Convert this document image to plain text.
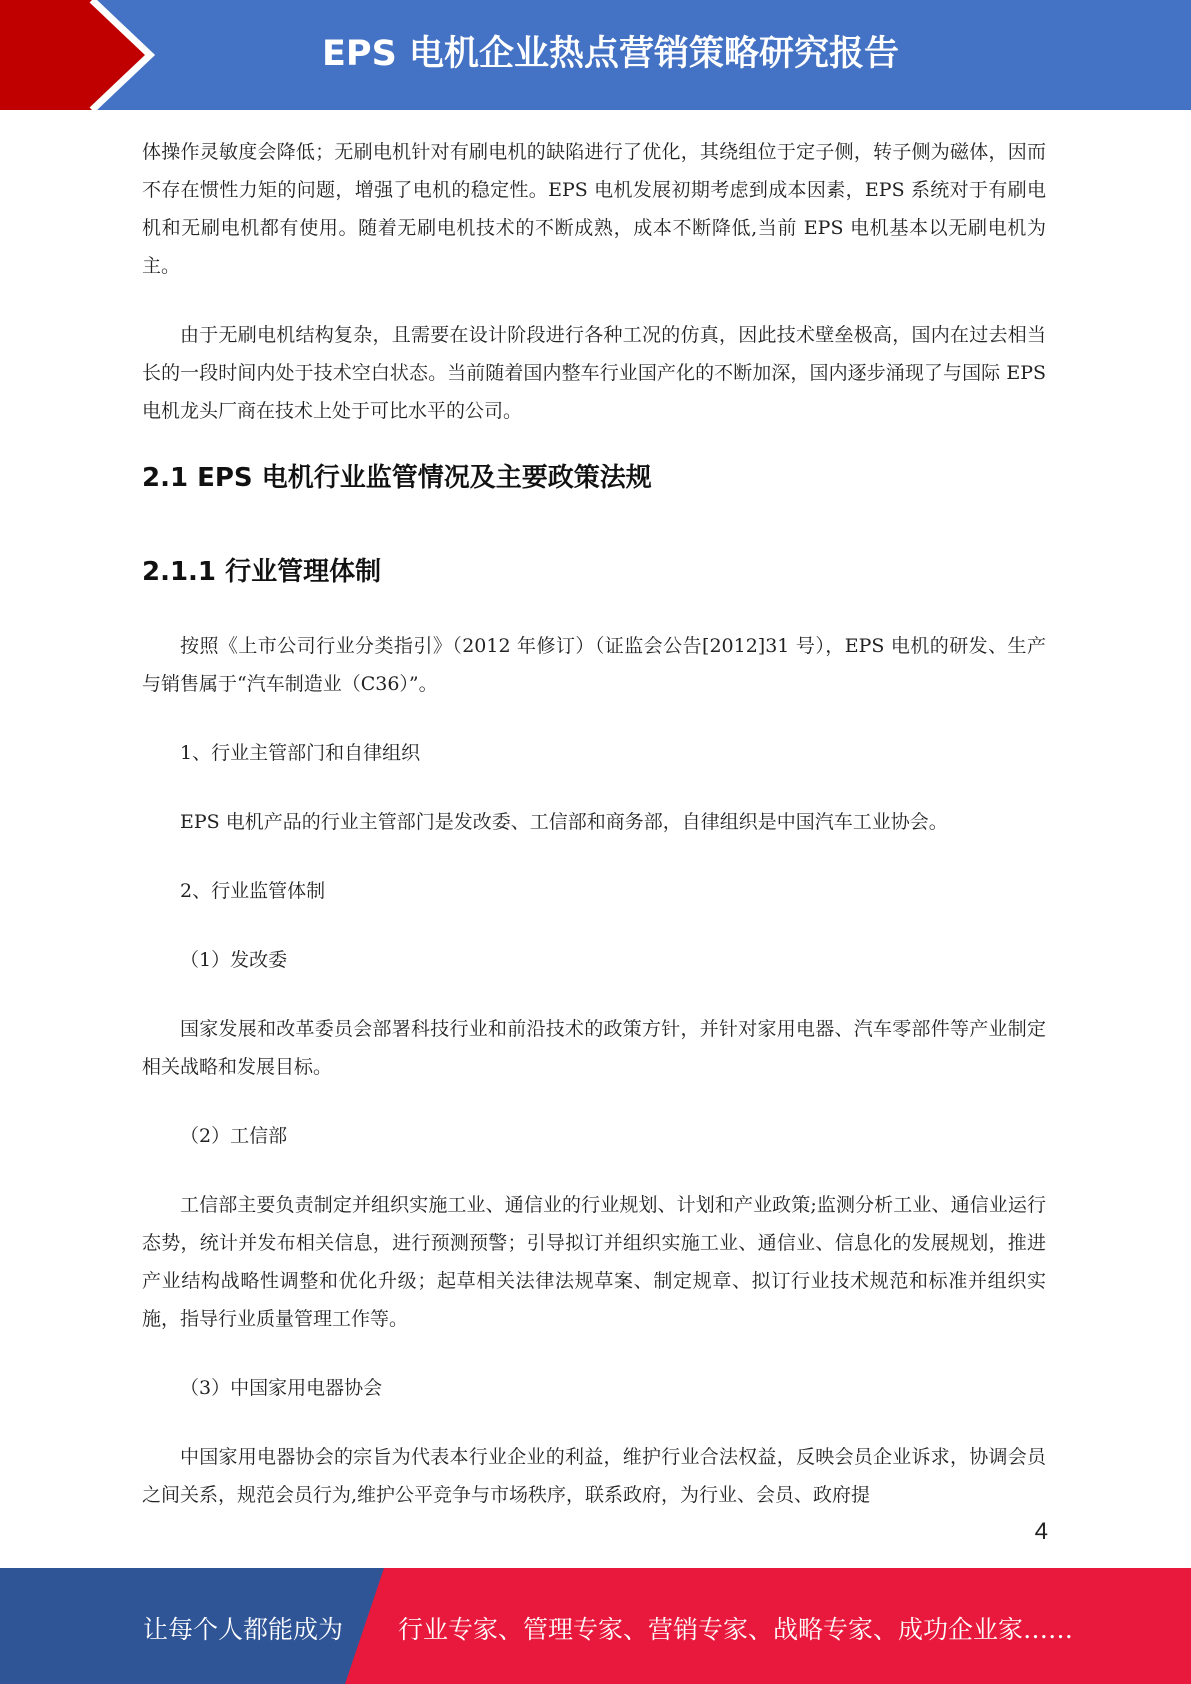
EPS 电机企业热点营销策略研究报告

体操作灵敏度会降低；无刷电机针对有刷电机的缺陷进行了优化，其绕组位于定子侧，转子侧为磁体，因而不存在惯性力矩的问题，增强了电机的稳定性。EPS 电机发展初期考虑到成本因素，EPS 系统对于有刷电机和无刷电机都有使用。随着无刷电机技术的不断成熟，成本不断降低,当前 EPS 电机基本以无刷电机为主。

由于无刷电机结构复杂，且需要在设计阶段进行各种工况的仿真，因此技术壁垒极高，国内在过去相当长的一段时间内处于技术空白状态。当前随着国内整车行业国产化的不断加深，国内逐步涌现了与国际 EPS 电机龙头厂商在技术上处于可比水平的公司。

2.1 EPS 电机行业监管情况及主要政策法规
2.1.1 行业管理体制

按照《上市公司行业分类指引》（2012 年修订）（证监会公告[2012]31 号），EPS 电机的研发、生产与销售属于“汽车制造业（C36）”。

1、行业主管部门和自律组织

EPS 电机产品的行业主管部门是发改委、工信部和商务部，自律组织是中国汽车工业协会。

2、行业监管体制

（1）发改委

国家发展和改革委员会部署科技行业和前沿技术的政策方针，并针对家用电器、汽车零部件等产业制定相关战略和发展目标。

（2）工信部

工信部主要负责制定并组织实施工业、通信业的行业规划、计划和产业政策;监测分析工业、通信业运行态势，统计并发布相关信息，进行预测预警；引导拟订并组织实施工业、通信业、信息化的发展规划，推进产业结构战略性调整和优化升级；起草相关法律法规草案、制定规章、拟订行业技术规范和标准并组织实施，指导行业质量管理工作等。

（3）中国家用电器协会

中国家用电器协会的宗旨为代表本行业企业的利益，维护行业合法权益，反映会员企业诉求，协调会员之间关系，规范会员行为,维护公平竞争与市场秩序，联系政府，为行业、会员、政府提

4
让每个人都能成为 行业专家、管理专家、营销专家、战略专家、成功企业家……
